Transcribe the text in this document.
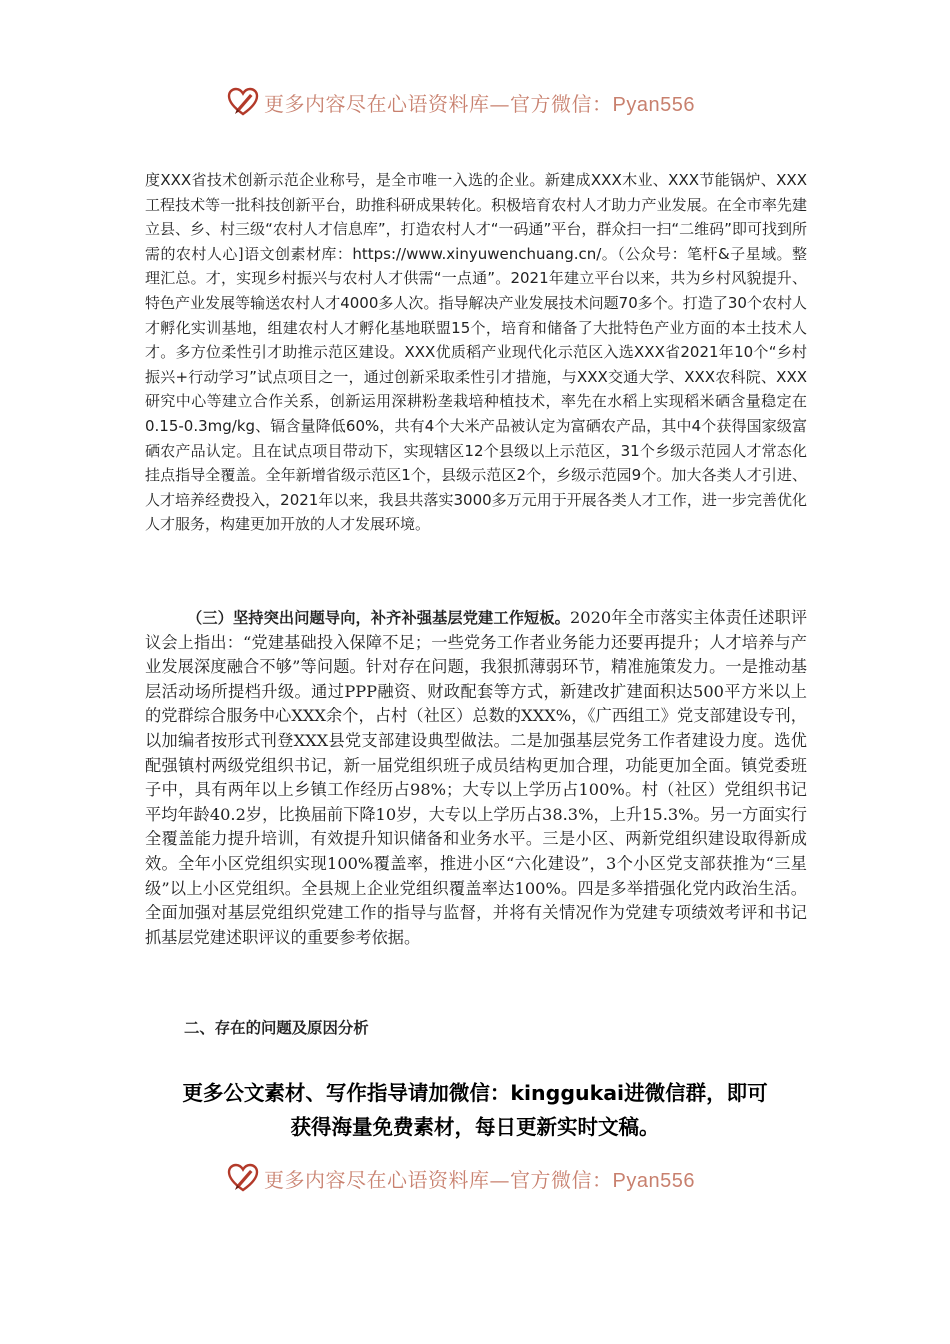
更多内容尽在心语资料库—官方微信：Pyan556
度XXX省技术创新示范企业称号，是全市唯一入选的企业。新建成XXX木业、XXX节能锅炉、XXX工程技术等一批科技创新平台，助推科研成果转化。积极培育农村人才助力产业发展。在全市率先建立县、乡、村三级“农村人才信息库”，打造农村人才“一码通”平台，群众扫一扫“二维码”即可找到所需的农村人心]语文创素材库：https://www.xinyuwenchuang.cn/。（公众号：笔杆&子星域。整理汇总。才，实现乡村振兴与农村人才供需“一点通”。2021年建立平台以来，共为乡村风貌提升、特色产业发展等输送农村人才4000多人次。指导解决产业发展技术问题70多个。打造了30个农村人才孵化实训基地，组建农村人才孵化基地联盟15个，培育和储备了大批特色产业方面的本土技术人才。多方位柔性引才助推示范区建设。XXX优质稻产业现代化示范区入选XXX省2021年10个“乡村振兴+行动学习”试点项目之一，通过创新采取柔性引才措施，与XXX交通大学、XXX农科院、XXX研究中心等建立合作关系，创新运用深耕粉垄栽培种植技术，率先在水稻上实现稻米硒含量稳定在0.15-0.3mg/kg、镉含量降低60%，共有4个大米产品被认定为富硒农产品，其中4个获得国家级富硒农产品认定。且在试点项目带动下，实现辖区12个县级以上示范区，31个乡级示范园人才常态化挂点指导全覆盖。全年新增省级示范区1个，县级示范区2个，乡级示范园9个。加大各类人才引进、人才培养经费投入，2021年以来，我县共落实3000多万元用于开展各类人才工作，进一步完善优化人才服务，构建更加开放的人才发展环境。
（三）坚持突出问题导向，补齐补强基层党建工作短板。2020年全市落实主体责任述职评议会上指出：“党建基础投入保障不足；一些党务工作者业务能力还要再提升；人才培养与产业发展深度融合不够”等问题。针对存在问题，我狠抓薄弱环节，精准施策发力。一是推动基层活动场所提档升级。通过PPP融资、财政配套等方式，新建改扩建面积达500平方米以上的党群综合服务中心XXX余个，占村（社区）总数的XXX%，《广西组工》党支部建设专刊，以加编者按形式刊登XXX县党支部建设典型做法。二是加强基层党务工作者建设力度。选优配强镇村两级党组织书记，新一届党组织班子成员结构更加合理，功能更加全面。镇党委班子中，具有两年以上乡镇工作经历占98%；大专以上学历占100%。村（社区）党组织书记平均年龄40.2岁，比换届前下降10岁，大专以上学历占38.3%，上升15.3%。另一方面实行全覆盖能力提升培训，有效提升知识储备和业务水平。三是小区、两新党组织建设取得新成效。全年小区党组织实现100%覆盖率，推进小区“六化建设”，3个小区党支部获推为“三星级”以上小区党组织。全县规上企业党组织覆盖率达100%。四是多举措强化党内政治生活。全面加强对基层党组织党建工作的指导与监督，并将有关情况作为党建专项绩效考评和书记抓基层党建述职评议的重要参考依据。
二、存在的问题及原因分析
更多公文素材、写作指导请加微信：kinggukai进微信群，即可
获得海量免费素材，每日更新实时文稿。
更多内容尽在心语资料库—官方微信：Pyan556
